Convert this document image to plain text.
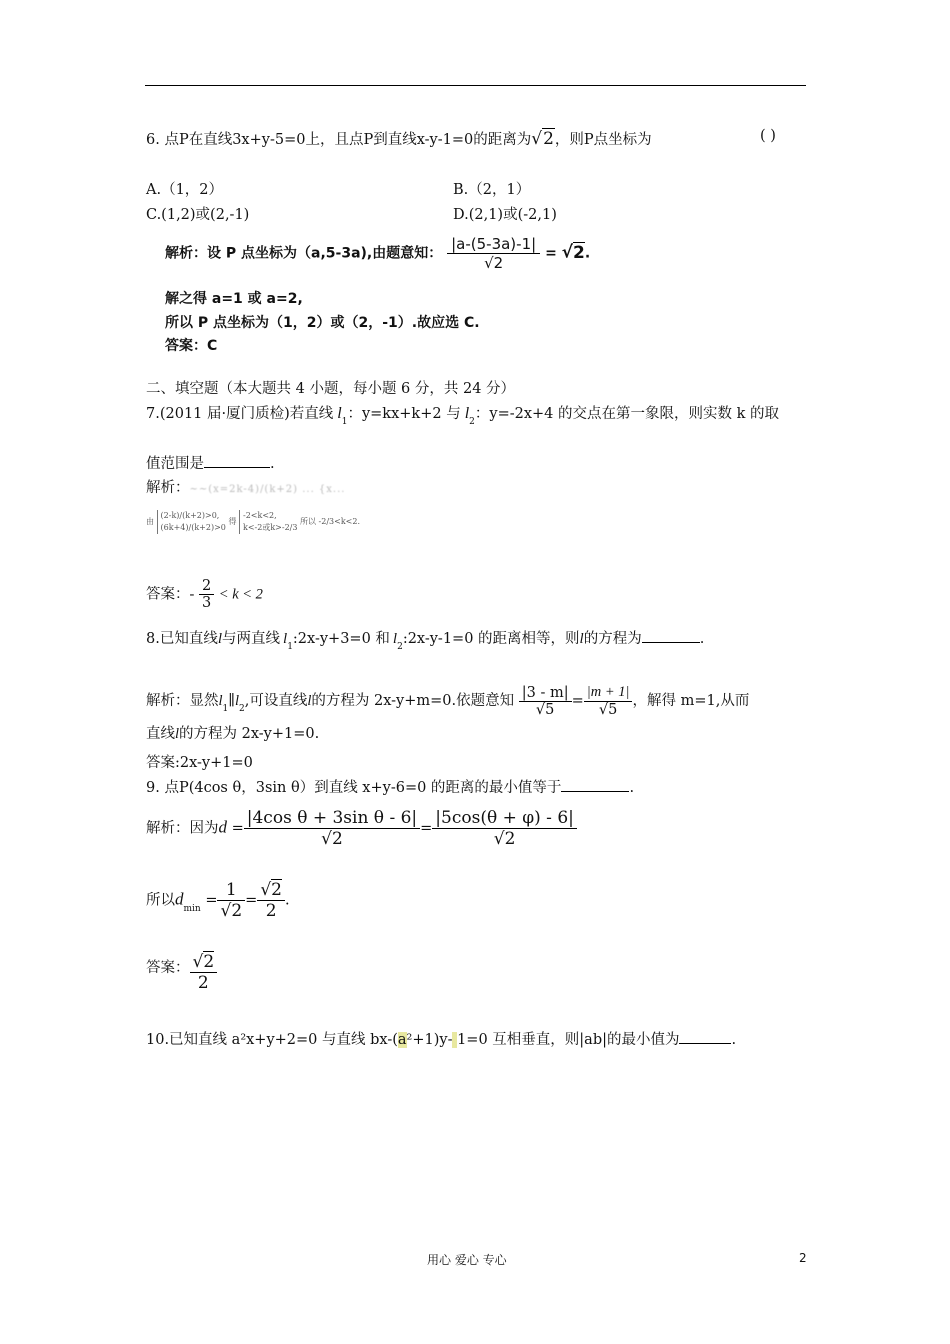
6. 点P在直线3x+y-5=0上，且点P到直线x-y-1=0的距离为√2，则P点坐标为	( )
A.（1，2）	B.（2，1）
C.(1,2)或(2,-1)	D.(2,1)或(-2,1)
解析：设 P 点坐标为（a,5-3a),由题意知： $\frac{|a-(5-3a)-1|}{√2} = √2$.
解之得 a=1 或 a=2,
所以 P 点坐标为（1，2）或（2，-1）.故应选 C.
答案：C
二、填空题（本大题共 4 小题，每小题 6 分，共 24 分）
7.(2011 届·厦门质检)若直线 $l_1$：y=kx+k+2 与 $l_2$：y=-2x+4 的交点在第一象限，则实数 k 的取
值范围是	.
解析：~~(x=2k-4)/(k+2) ... {x...
由
(2-k)/(k+2)>0,
(6k+4)/(k+2)>0
得
-2<k<2,
k<-2或k>-2/3
所以 -2/3<k<2.
答案：- $\frac{2}{3} < k < 2$
8.已知直线l与两直线 $l_1:2x-y+3=0$ 和 $l_2:2x-y-1=0$ 的距离相等，则l的方程为	.
解析：显然$l_1\parallel l_2$,可设直线l的方程为 2x-y+m=0.依题意知 $\frac{|3 - m|}{√5} = \frac{|m + 1|}{√5}$ ，解得 m=1,从而
直线l的方程为 2x-y+1=0.
答案:2x-y+1=0
9. 点P(4cos θ，3sin θ）到直线 x+y-6=0 的距离的最小值等于	.
解析：因为$d = \frac{\text{|4cos θ + 3sin θ - 6|}}{√2} = \frac{|5\cos(\theta + \varphi) - 6|}{√2}$
所以$d_{min} = \frac{1}{√2} = \frac{√2}{2}$ .
答案： $\frac{√2}{2}$
10.已知直线 a²x+y+2=0 与直线 bx-(a²+1)y- 1=0 互相垂直，则|ab|的最小值为	.
用心 爱心 专心	2
